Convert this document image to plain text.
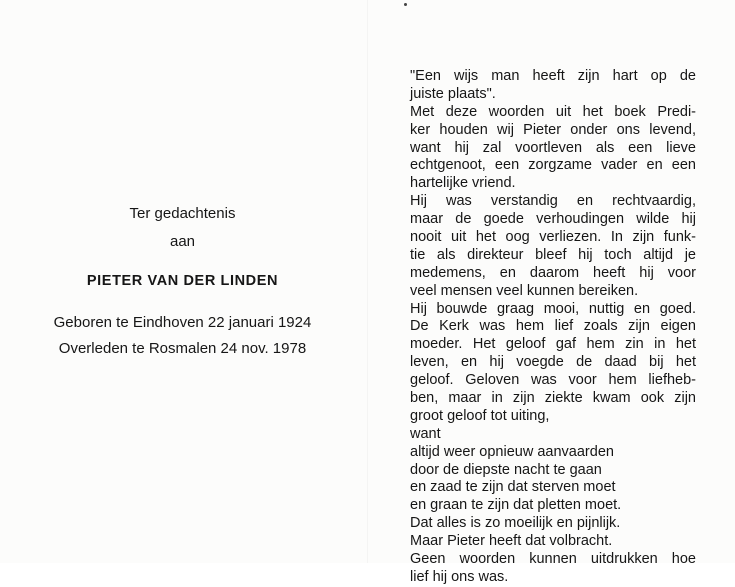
Ter gedachtenis
aan
PIETER VAN DER LINDEN
Geboren te Eindhoven 22 januari 1924
Overleden te Rosmalen 24 nov. 1978
"Een wijs man heeft zijn hart op de
juiste plaats".
Met deze woorden uit het boek Predi-
ker houden wij Pieter onder ons levend,
want hij zal voortleven als een lieve
echtgenoot, een zorgzame vader en een
hartelijke vriend.
Hij was verstandig en rechtvaardig,
maar de goede verhoudingen wilde hij
nooit uit het oog verliezen. In zijn funk-
tie als direkteur bleef hij toch altijd je
medemens, en daarom heeft hij voor
veel mensen veel kunnen bereiken.
Hij bouwde graag mooi, nuttig en goed.
De Kerk was hem lief zoals zijn eigen
moeder. Het geloof gaf hem zin in het
leven, en hij voegde de daad bij het
geloof. Geloven was voor hem liefheb-
ben, maar in zijn ziekte kwam ook zijn
groot geloof tot uiting,
want
altijd weer opnieuw aanvaarden
door de diepste nacht te gaan
en zaad te zijn dat sterven moet
en graan te zijn dat pletten moet.
Dat alles is zo moeilijk en pijnlijk.
Maar Pieter heeft dat volbracht.
Geen woorden kunnen uitdrukken hoe
lief hij ons was.
